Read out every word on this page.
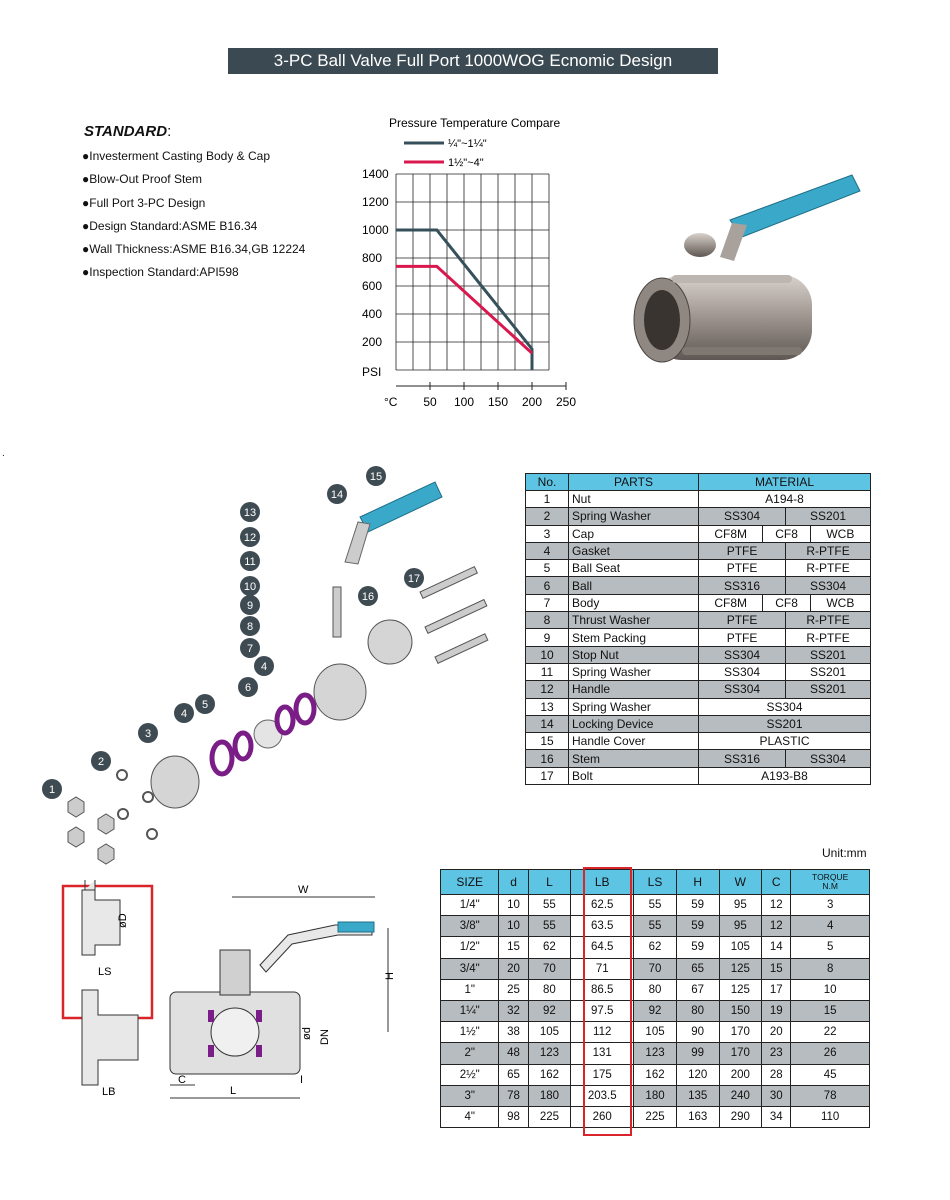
3-PC Ball Valve Full Port 1000WOG Ecnomic Design
STANDARD:
●Investerment Casting Body & Cap
●Blow-Out Proof Stem
●Full Port 3-PC Design
●Design Standard:ASME B16.34
●Wall Thickness:ASME B16.34,GB 12224
●Inspection Standard:API598
.
Pressure Temperature Compare
¼"~1¼"
1½"~4"
1400
1200
1000
800
600
400
200
50 100 150 200 250
PSI
°C
15
14
13
12
11
10
9
8
7
4
6
5
4
3
2
1
17
16
No.	PARTS	MATERIAL			
1	Nut	A194-8			
2	Spring Washer	SS304		SS201	
3	Cap	CF8M	CF8		WCB
4	Gasket	PTFE		R-PTFE	
5	Ball Seat	PTFE		R-PTFE	
6	Ball	SS316		SS304	
7	Body	CF8M	CF8		WCB
8	Thrust Washer	PTFE		R-PTFE	
9	Stem Packing	PTFE		R-PTFE	
10	Stop Nut	SS304		SS201	
11	Spring Washer	SS304		SS201	
12	Handle	SS304		SS201	
13	Spring Washer	SS304			
14	Locking Device	SS201			
15	Handle Cover	PLASTIC			
16	Stem	SS316		SS304	
17	Bolt	A193-B8			
Unit:mm
SIZE	d	L	LB	LS	H	W	C	TORQUE
N.M
1/4"	10	55	62.5	55	59	95	12	3
3/8"	10	55	63.5	55	59	95	12	4
1/2"	15	62	64.5	62	59	105	14	5
3/4"	20	70	71	70	65	125	15	8
1"	25	80	86.5	80	67	125	17	10
1¼"	32	92	97.5	92	80	150	19	15
1½"	38	105	112	105	90	170	20	22
2"	48	123	131	123	99	170	23	26
2½"	65	162	175	162	120	200	28	45
3"	78	180	203.5	180	135	240	30	78
4"	98	225	260	225	163	290	34	110
øD
LS
LB
W
H
ød DN
I
C
L
